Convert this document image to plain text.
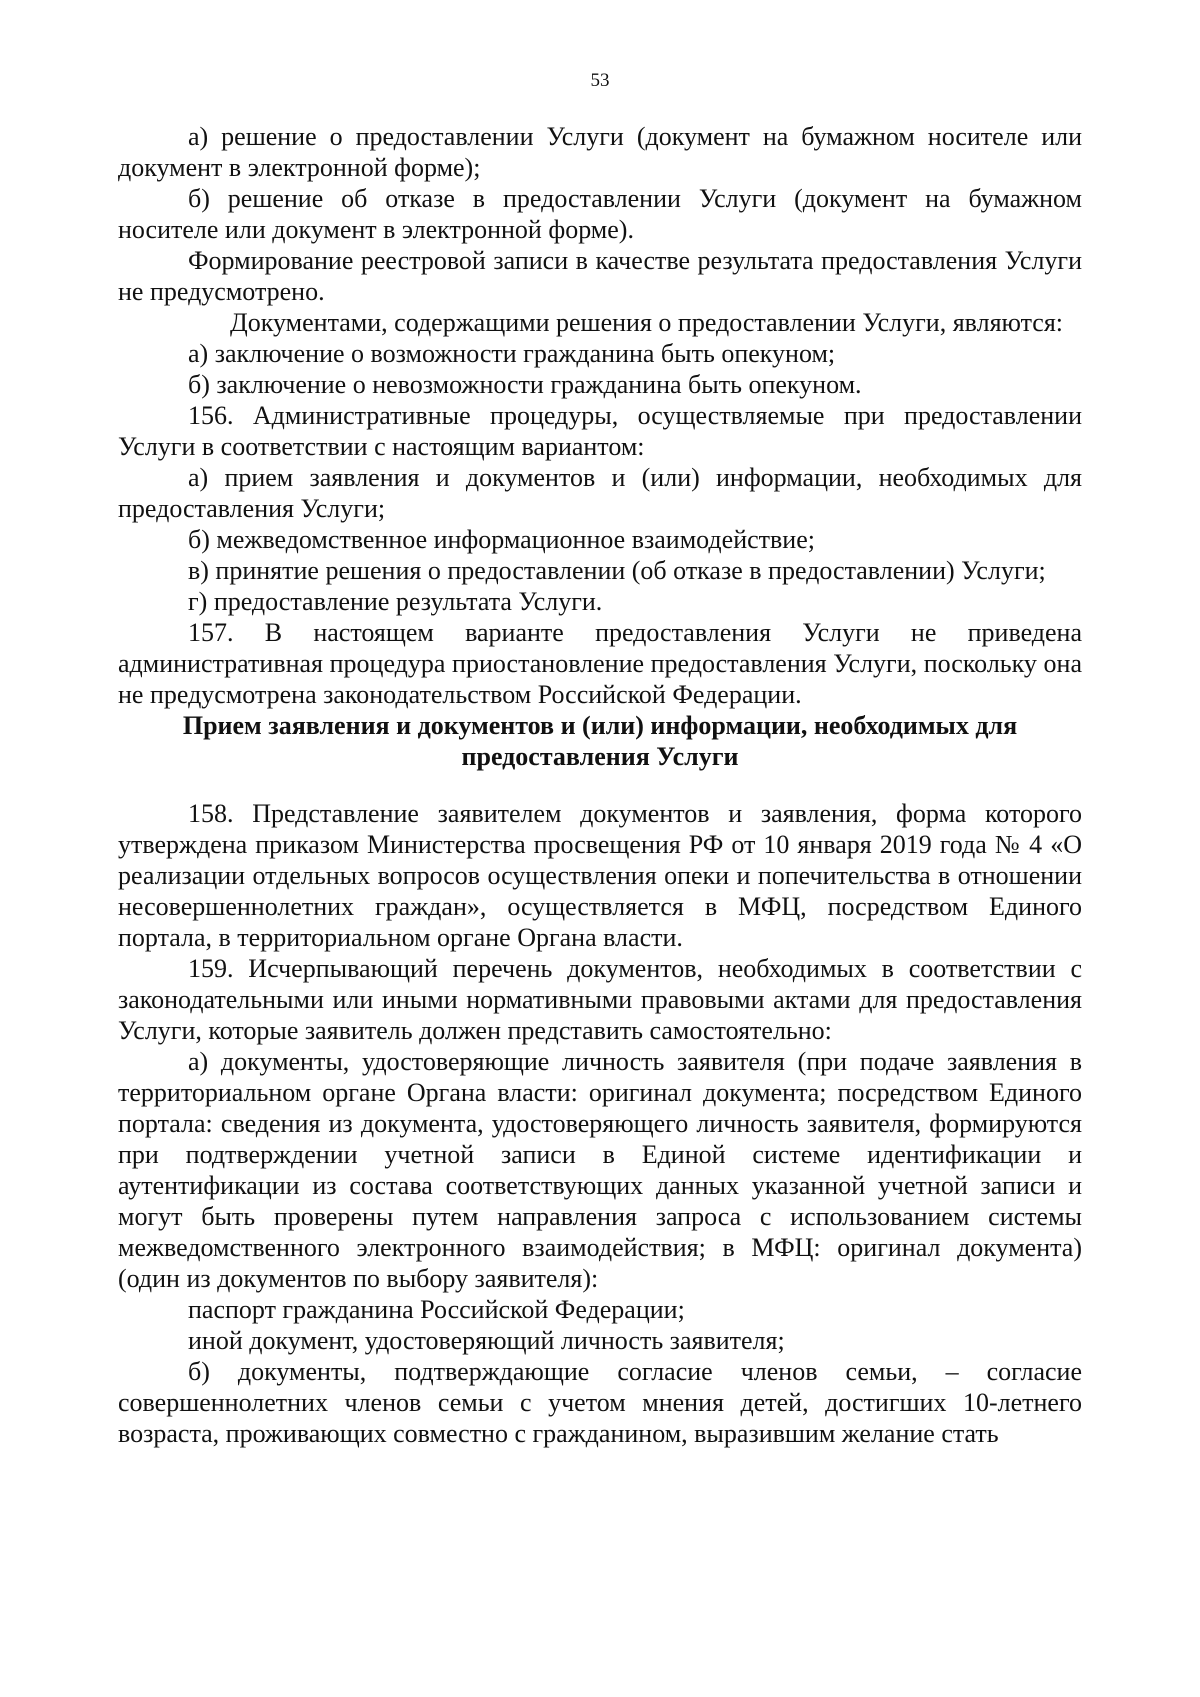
53

а) решение о предоставлении Услуги (документ на бумажном носителе или документ в электронной форме);

б) решение об отказе в предоставлении Услуги (документ на бумажном носителе или документ в электронной форме).

Формирование реестровой записи в качестве результата предоставления Услуги не предусмотрено.

Документами, содержащими решения о предоставлении Услуги, являются:

а) заключение о возможности гражданина быть опекуном;

б) заключение о невозможности гражданина быть опекуном.

156. Административные процедуры, осуществляемые при предоставлении Услуги в соответствии с настоящим вариантом:

а) прием заявления и документов и (или) информации, необходимых для предоставления Услуги;

б) межведомственное информационное взаимодействие;

в) принятие решения о предоставлении (об отказе в предоставлении) Услуги;

г) предоставление результата Услуги.

157. В настоящем варианте предоставления Услуги не приведена административная процедура приостановление предоставления Услуги, поскольку она не предусмотрена законодательством Российской Федерации.

Прием заявления и документов и (или) информации, необходимых для предоставления Услуги

158. Представление заявителем документов и заявления, форма которого утверждена приказом Министерства просвещения РФ от 10 января 2019 года № 4 «О реализации отдельных вопросов осуществления опеки и попечительства в отношении несовершеннолетних граждан», осуществляется в МФЦ, посредством Единого портала, в территориальном органе Органа власти.

159. Исчерпывающий перечень документов, необходимых в соответствии с законодательными или иными нормативными правовыми актами для предоставления Услуги, которые заявитель должен представить самостоятельно:

а) документы, удостоверяющие личность заявителя (при подаче заявления в территориальном органе Органа власти: оригинал документа; посредством Единого портала: сведения из документа, удостоверяющего личность заявителя, формируются при подтверждении учетной записи в Единой системе идентификации и аутентификации из состава соответствующих данных указанной учетной записи и могут быть проверены путем направления запроса с использованием системы межведомственного электронного взаимодействия; в МФЦ: оригинал документа) (один из документов по выбору заявителя):

паспорт гражданина Российской Федерации;

иной документ, удостоверяющий личность заявителя;

б) документы, подтверждающие согласие членов семьи, – согласие совершеннолетних членов семьи с учетом мнения детей, достигших 10-летнего возраста, проживающих совместно с гражданином, выразившим желание стать
